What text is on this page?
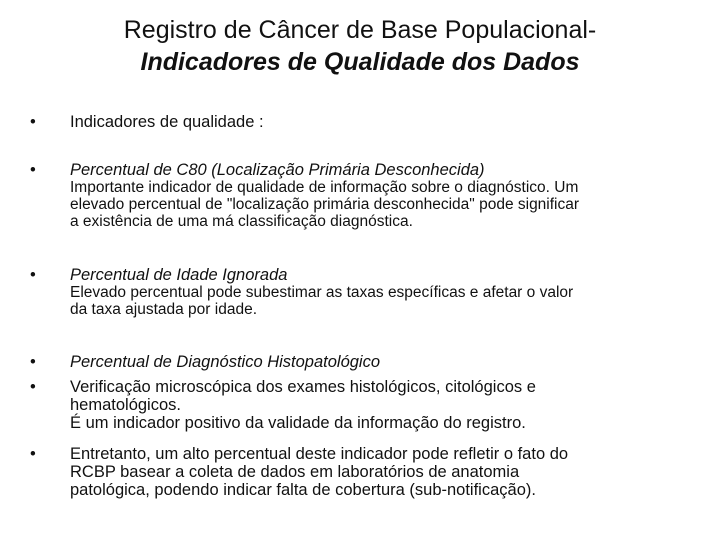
Registro de Câncer de Base Populacional-
Indicadores de Qualidade dos Dados
•	Indicadores de qualidade :
•	Percentual de C80 (Localização Primária Desconhecida)
Importante indicador de qualidade de informação sobre o diagnóstico. Um
elevado percentual de "localização primária desconhecida" pode significar
a existência de uma má classificação diagnóstica.
•	Percentual de Idade Ignorada
Elevado percentual pode subestimar as taxas específicas e afetar o valor
da taxa ajustada por idade.
•	Percentual de Diagnóstico Histopatológico
•	Verificação microscópica dos exames histológicos, citológicos e
hematológicos.
É um indicador positivo da validade da informação do registro.
•	Entretanto, um alto percentual deste indicador pode refletir o fato do
RCBP basear a coleta de dados em laboratórios de anatomia
patológica, podendo indicar falta de cobertura (sub-notificação).
